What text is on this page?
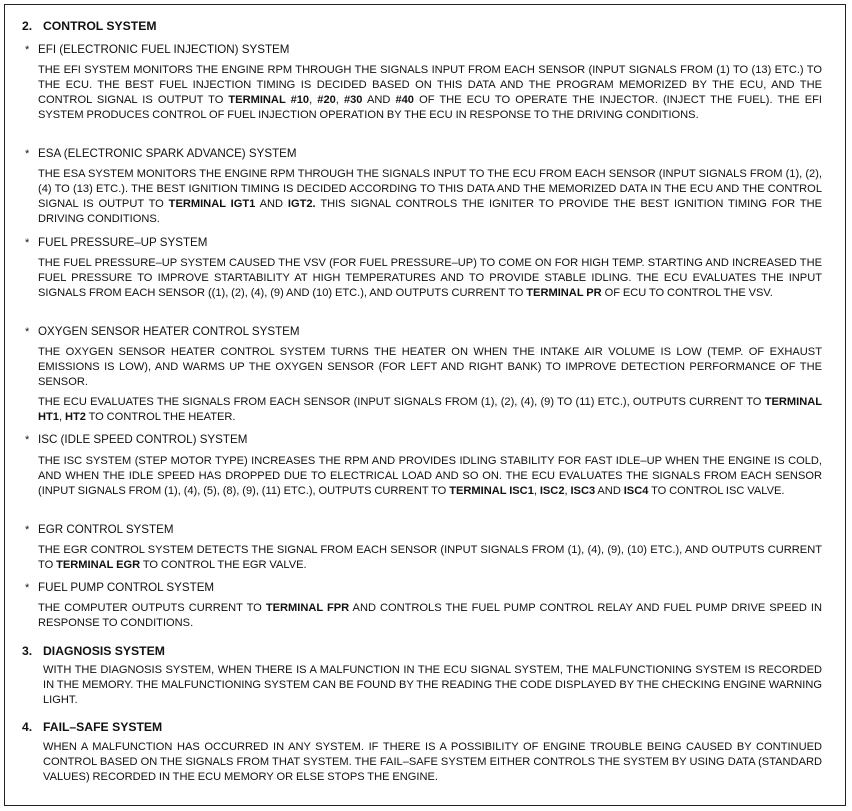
2. CONTROL SYSTEM
* EFI (ELECTRONIC FUEL INJECTION) SYSTEM
THE EFI SYSTEM MONITORS THE ENGINE RPM THROUGH THE SIGNALS INPUT FROM EACH SENSOR (INPUT SIGNALS FROM (1) TO (13) ETC.) TO THE ECU. THE BEST FUEL INJECTION TIMING IS DECIDED BASED ON THIS DATA AND THE PROGRAM MEMORIZED BY THE ECU, AND THE CONTROL SIGNAL IS OUTPUT TO TERMINAL #10, #20, #30 AND #40 OF THE ECU TO OPERATE THE INJECTOR. (INJECT THE FUEL). THE EFI SYSTEM PRODUCES CONTROL OF FUEL INJECTION OPERATION BY THE ECU IN RESPONSE TO THE DRIVING CONDITIONS.
* ESA (ELECTRONIC SPARK ADVANCE) SYSTEM
THE ESA SYSTEM MONITORS THE ENGINE RPM THROUGH THE SIGNALS INPUT TO THE ECU FROM EACH SENSOR (INPUT SIGNALS FROM (1), (2), (4) TO (13) ETC.). THE BEST IGNITION TIMING IS DECIDED ACCORDING TO THIS DATA AND THE MEMORIZED DATA IN THE ECU AND THE CONTROL SIGNAL IS OUTPUT TO TERMINAL IGT1 AND IGT2. THIS SIGNAL CONTROLS THE IGNITER TO PROVIDE THE BEST IGNITION TIMING FOR THE DRIVING CONDITIONS.
* FUEL PRESSURE–UP SYSTEM
THE FUEL PRESSURE–UP SYSTEM CAUSED THE VSV (FOR FUEL PRESSURE–UP) TO COME ON FOR HIGH TEMP. STARTING AND INCREASED THE FUEL PRESSURE TO IMPROVE STARTABILITY AT HIGH TEMPERATURES AND TO PROVIDE STABLE IDLING. THE ECU EVALUATES THE INPUT SIGNALS FROM EACH SENSOR ((1), (2), (4), (9) AND (10) ETC.), AND OUTPUTS CURRENT TO TERMINAL PR OF ECU TO CONTROL THE VSV.
* OXYGEN SENSOR HEATER CONTROL SYSTEM
THE OXYGEN SENSOR HEATER CONTROL SYSTEM TURNS THE HEATER ON WHEN THE INTAKE AIR VOLUME IS LOW (TEMP. OF EXHAUST EMISSIONS IS LOW), AND WARMS UP THE OXYGEN SENSOR (FOR LEFT AND RIGHT BANK) TO IMPROVE DETECTION PERFORMANCE OF THE SENSOR.
THE ECU EVALUATES THE SIGNALS FROM EACH SENSOR (INPUT SIGNALS FROM (1), (2), (4), (9) TO (11) ETC.), OUTPUTS CURRENT TO TERMINAL HT1, HT2 TO CONTROL THE HEATER.
* ISC (IDLE SPEED CONTROL) SYSTEM
THE ISC SYSTEM (STEP MOTOR TYPE) INCREASES THE RPM AND PROVIDES IDLING STABILITY FOR FAST IDLE–UP WHEN THE ENGINE IS COLD, AND WHEN THE IDLE SPEED HAS DROPPED DUE TO ELECTRICAL LOAD AND SO ON. THE ECU EVALUATES THE SIGNALS FROM EACH SENSOR (INPUT SIGNALS FROM (1), (4), (5), (8), (9), (11) ETC.), OUTPUTS CURRENT TO TERMINAL ISC1, ISC2, ISC3 AND ISC4 TO CONTROL ISC VALVE.
* EGR CONTROL SYSTEM
THE EGR CONTROL SYSTEM DETECTS THE SIGNAL FROM EACH SENSOR (INPUT SIGNALS FROM (1), (4), (9), (10) ETC.), AND OUTPUTS CURRENT TO TERMINAL EGR TO CONTROL THE EGR VALVE.
* FUEL PUMP CONTROL SYSTEM
THE COMPUTER OUTPUTS CURRENT TO TERMINAL FPR AND CONTROLS THE FUEL PUMP CONTROL RELAY AND FUEL PUMP DRIVE SPEED IN RESPONSE TO CONDITIONS.
3. DIAGNOSIS SYSTEM
WITH THE DIAGNOSIS SYSTEM, WHEN THERE IS A MALFUNCTION IN THE ECU SIGNAL SYSTEM, THE MALFUNCTIONING SYSTEM IS RECORDED IN THE MEMORY. THE MALFUNCTIONING SYSTEM CAN BE FOUND BY THE READING THE CODE DISPLAYED BY THE CHECKING ENGINE WARNING LIGHT.
4. FAIL–SAFE SYSTEM
WHEN A MALFUNCTION HAS OCCURRED IN ANY SYSTEM. IF THERE IS A POSSIBILITY OF ENGINE TROUBLE BEING CAUSED BY CONTINUED CONTROL BASED ON THE SIGNALS FROM THAT SYSTEM. THE FAIL–SAFE SYSTEM EITHER CONTROLS THE SYSTEM BY USING DATA (STANDARD VALUES) RECORDED IN THE ECU MEMORY OR ELSE STOPS THE ENGINE.
